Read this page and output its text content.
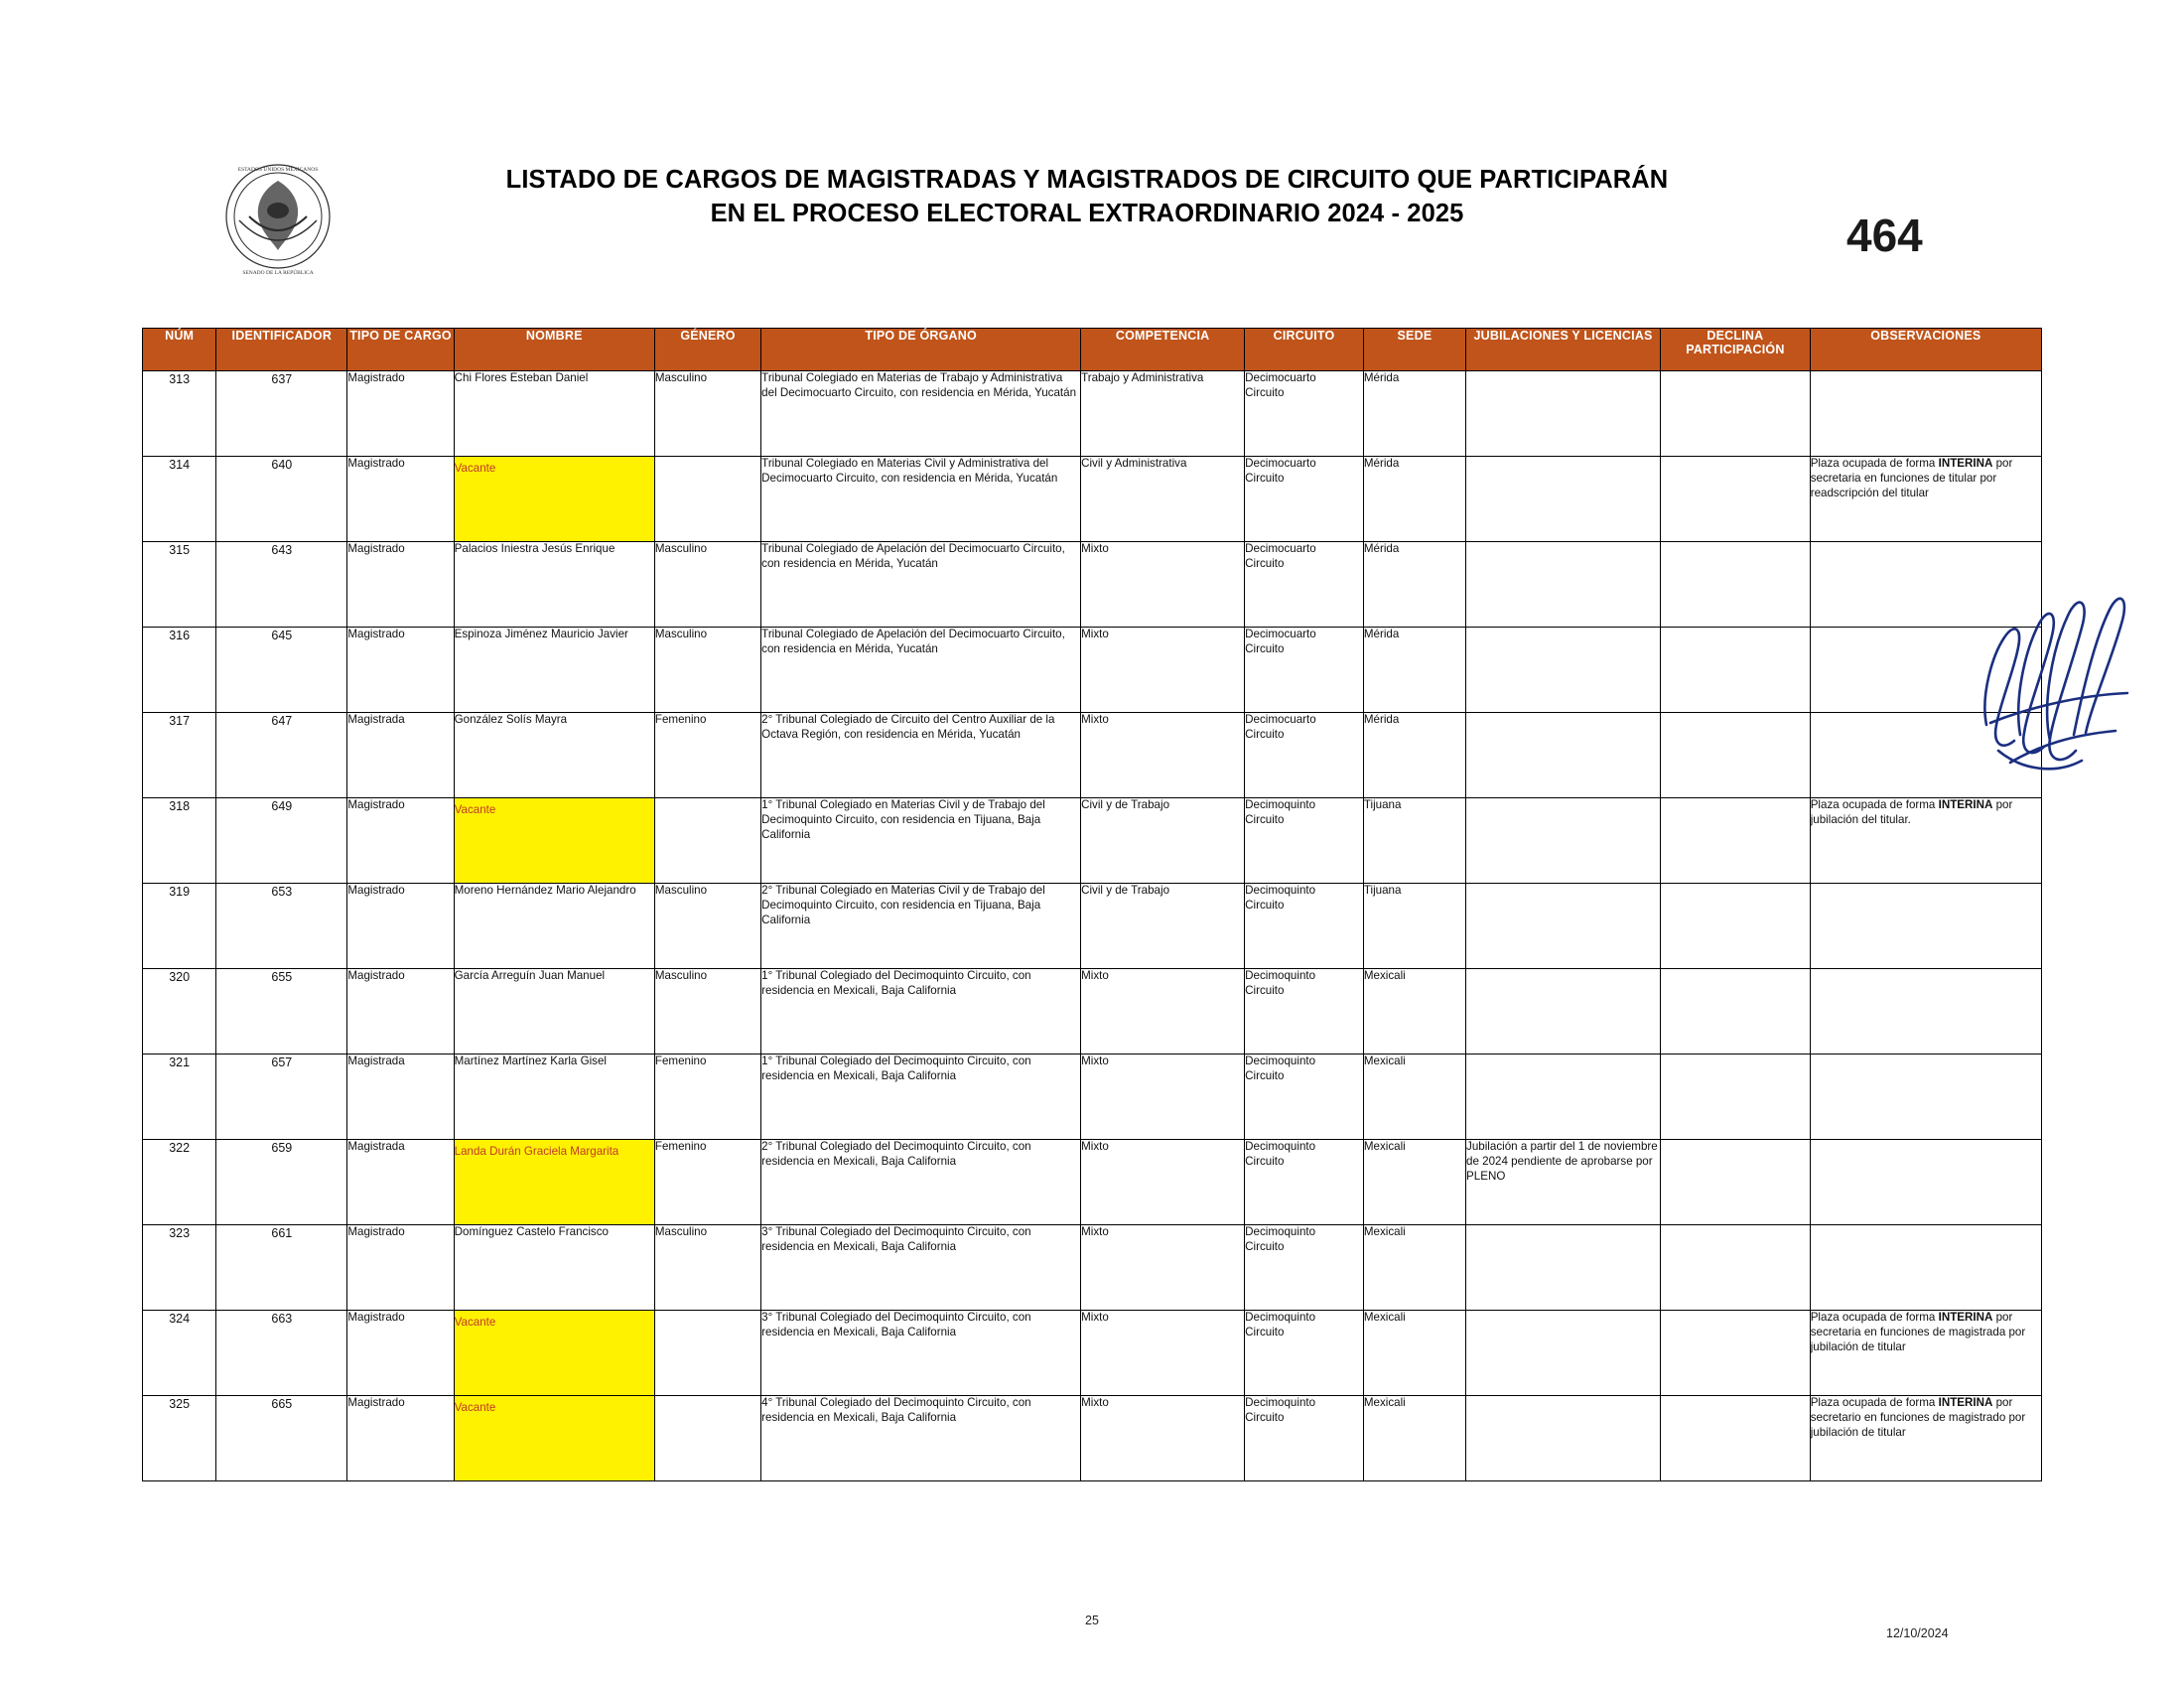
ESTADOS UNIDOS MEXICANOS
SENADO DE LA REPÚBLICA
LISTADO DE CARGOS DE MAGISTRADAS Y MAGISTRADOS DE CIRCUITO QUE PARTICIPARÁN
EN EL PROCESO ELECTORAL EXTRAORDINARIO 2024 - 2025	464
NÚM	IDENTIFICADOR	TIPO DE CARGO	NOMBRE	GÉNERO	TIPO DE ÓRGANO	COMPETENCIA	CIRCUITO	SEDE	JUBILACIONES Y LICENCIAS	DECLINA PARTICIPACIÓN	OBSERVACIONES
313	637	Magistrado	Chi Flores Esteban Daniel	Masculino	Tribunal Colegiado en Materias de Trabajo y Administrativa del Decimocuarto Circuito, con residencia en Mérida, Yucatán	Trabajo y Administrativa	Decimocuarto Circuito	Mérida			
314	640	Magistrado	Vacante		Tribunal Colegiado en Materias Civil y Administrativa del Decimocuarto Circuito, con residencia en Mérida, Yucatán	Civil y Administrativa	Decimocuarto Circuito	Mérida			Plaza ocupada de forma INTERINA por secretaria en funciones de titular por readscripción del titular
315	643	Magistrado	Palacios Iniestra Jesús Enrique	Masculino	Tribunal Colegiado de Apelación del Decimocuarto Circuito, con residencia en Mérida, Yucatán	Mixto	Decimocuarto Circuito	Mérida			
316	645	Magistrado	Espinoza Jiménez Mauricio Javier	Masculino	Tribunal Colegiado de Apelación del Decimocuarto Circuito, con residencia en Mérida, Yucatán	Mixto	Decimocuarto Circuito	Mérida			
317	647	Magistrada	González Solís Mayra	Femenino	2° Tribunal Colegiado de Circuito del Centro Auxiliar de la Octava Región, con residencia en Mérida, Yucatán	Mixto	Decimocuarto Circuito	Mérida			
318	649	Magistrado	Vacante		1° Tribunal Colegiado en Materias Civil y de Trabajo del Decimoquinto Circuito, con residencia en Tijuana, Baja California	Civil y de Trabajo	Decimoquinto Circuito	Tijuana			Plaza ocupada de forma INTERINA por jubilación del titular.
319	653	Magistrado	Moreno Hernández Mario Alejandro	Masculino	2° Tribunal Colegiado en Materias Civil y de Trabajo del Decimoquinto Circuito, con residencia en Tijuana, Baja California	Civil y de Trabajo	Decimoquinto Circuito	Tijuana			
320	655	Magistrado	García Arreguín Juan Manuel	Masculino	1° Tribunal Colegiado del Decimoquinto Circuito, con residencia en Mexicali, Baja California	Mixto	Decimoquinto Circuito	Mexicali			
321	657	Magistrada	Martínez Martínez Karla Gisel	Femenino	1° Tribunal Colegiado del Decimoquinto Circuito, con residencia en Mexicali, Baja California	Mixto	Decimoquinto Circuito	Mexicali			
322	659	Magistrada	Landa Durán Graciela Margarita	Femenino	2° Tribunal Colegiado del Decimoquinto Circuito, con residencia en Mexicali, Baja California	Mixto	Decimoquinto Circuito	Mexicali	Jubilación a partir del 1 de noviembre de 2024 pendiente de aprobarse por PLENO		
323	661	Magistrado	Domínguez Castelo Francisco	Masculino	3° Tribunal Colegiado del Decimoquinto Circuito, con residencia en Mexicali, Baja California	Mixto	Decimoquinto Circuito	Mexicali			
324	663	Magistrado	Vacante		3° Tribunal Colegiado del Decimoquinto Circuito, con residencia en Mexicali, Baja California	Mixto	Decimoquinto Circuito	Mexicali			Plaza ocupada de forma INTERINA por secretaria en funciones de magistrada por jubilación de titular
325	665	Magistrado	Vacante		4° Tribunal Colegiado del Decimoquinto Circuito, con residencia en Mexicali, Baja California	Mixto	Decimoquinto Circuito	Mexicali			Plaza ocupada de forma INTERINA por secretario en funciones de magistrado por jubilación de titular
25
12/10/2024
